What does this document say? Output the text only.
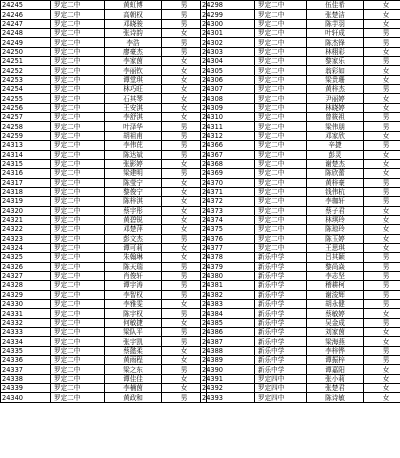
24245	罗定二中	黄虹博	男
24246	罗定二中	高朝权	男
24247	罗定二中	邓晓骏	男
24248	罗定二中	张诗韵	女
24249	罗定二中	李浩	男
24250	罗定二中	廖豪杰	男
24251	罗定二中	李家茵	女
24252	罗定二中	李丽钦	女
24253	罗定二中	谭堂琪	女
24254	罗定二中	林巧旺	女
24255	罗定二中	石其琴	女
24256	罗定二中	王安淇	女
24257	罗定二中	李舒淇	女
24258	罗定二中	叶泽华	男
24259	罗定二中	胡祖甫	男
24313	罗定二中	李伟芘	男
24314	罗定二中	陈达斌	男
24315	罗定二中	张影婷	女
24316	罗定二中	梁建明	男
24317	罗定二中	陈莹宁	女
24318	罗定二中	黎俊宁	女
24319	罗定二中	陈梓淇	女
24320	罗定二中	蔡宇彤	女
24321	罗定二中	黄碧锐	女
24322	罗定二中	邓楚萍	女
24323	罗定二中	彭文杰	男
24324	罗定二中	谭可莉	女
24325	罗定二中	朱翰琳	女
24326	罗定二中	陈天瑞	男
24327	罗定二中	肖俊轩	男
24328	罗定二中	谭宇涛	男
24329	罗定二中	李智权	男
24330	罗定二中	李雅雯	女
24331	罗定二中	陈宇权	男
24332	罗定二中	何敏捷	女
24333	罗定二中	梁队平	男
24334	罗定二中	张宇凯	男
24335	罗定二中	蔡懿柔	女
24336	罗定二中	黄雨程	女
24337	罗定二中	梁之东	男
24338	罗定二中	谭佳佳	女
24339	罗定二中	李楠茵	女
24340	罗定二中	黄政和	男
24298	罗定二中	伍佳希	女
24299	罗定二中	张楚洁	女
24300	罗定二中	陈芋羽	女
24301	罗定二中	叶轩成	男
24302	罗定二中	陈杰锋	男
24303	罗定二中	林栩彩	女
24304	罗定二中	黎家乐	男
24305	罗定二中	翁彩如	女
24306	罗定二中	梁贵珊	女
24307	罗定二中	黄梓杰	男
24308	罗定二中	尹丽婷	女
24309	罗定二中	林晓婷	女
24310	罗定二中	曾筱祖	男
24311	罗定二中	梁伟朋	男
24312	罗定二中	邓家欣	女
24366	罗定二中	辛捷	男
24367	罗定二中	彭灵	女
24368	罗定二中	谢楚杰	女
24369	罗定二中	陈欣蕾	女
24370	罗定二中	黄梓豪	男
24371	罗定二中	钱伟杭	男
24372	罗定二中	李珈轩	男
24373	罗定二中	蔡子君	女
24374	罗定二中	林琪玲	女
24375	罗定二中	陈琼玲	女
24376	罗定二中	陈玉婷	女
24377	罗定二中	王思琪	女
24378	新乐中学	吕其颖	男
24379	新乐中学	黎尚焱	男
24380	新乐中学	李志坚	男
24381	新乐中学	稽耕柯	男
24382	新乐中学	谢浚辉	男
24383	新乐中学	胡永健	男
24384	新乐中学	蔡敏婷	女
24385	新乐中学	吴金成	男
24386	新乐中学	刘家茵	女
24387	新乐中学	梁海燕	女
24388	新乐中学	李梓铧	男
24389	新乐中学	谭振梓	男
24390	新乐中学	谭嘉阳	女
24391	罗定四中	张小莉	女
24392	罗定四中	张楚君	女
24393	罗定四中	陈诗敏	女
